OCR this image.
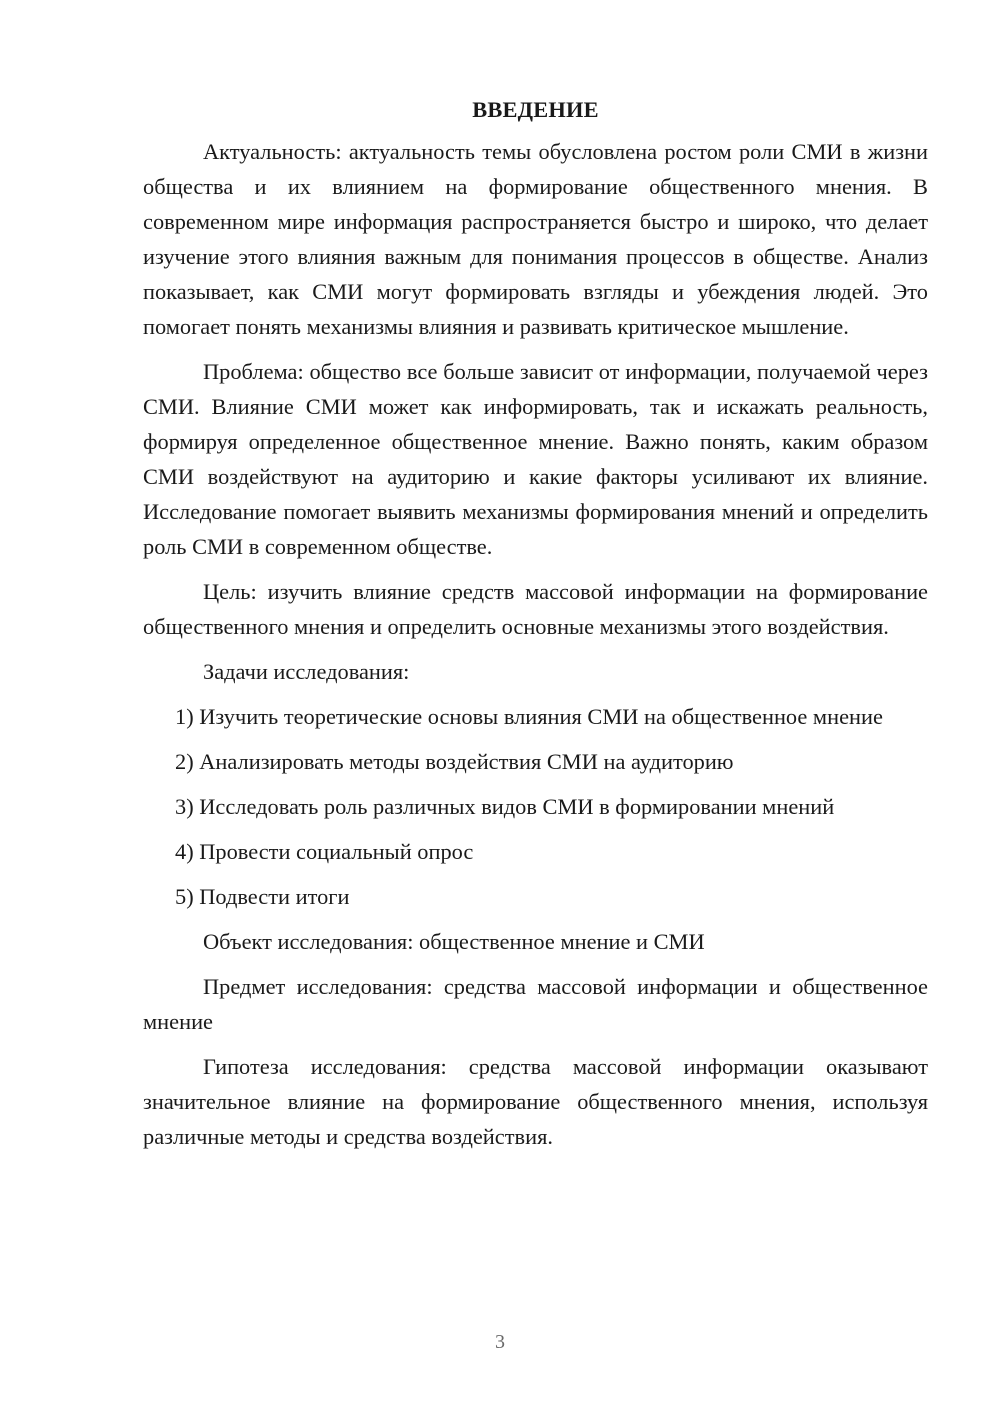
ВВЕДЕНИЕ

Актуальность: актуальность темы обусловлена ростом роли СМИ в жизни общества и их влиянием на формирование общественного мнения. В современном мире информация распространяется быстро и широко, что делает изучение этого влияния важным для понимания процессов в обществе. Анализ показывает, как СМИ могут формировать взгляды и убеждения людей. Это помогает понять механизмы влияния и развивать критическое мышление.

Проблема: общество все больше зависит от информации, получаемой через СМИ. Влияние СМИ может как информировать, так и искажать реальность, формируя определенное общественное мнение. Важно понять, каким образом СМИ воздействуют на аудиторию и какие факторы усиливают их влияние. Исследование помогает выявить механизмы формирования мнений и определить роль СМИ в современном обществе.

Цель: изучить влияние средств массовой информации на формирование общественного мнения и определить основные механизмы этого воздействия.

Задачи исследования:

1) Изучить теоретические основы влияния СМИ на общественное мнение

2) Анализировать методы воздействия СМИ на аудиторию

3) Исследовать роль различных видов СМИ в формировании мнений

4) Провести социальный опрос

5) Подвести итоги

Объект исследования: общественное мнение и СМИ

Предмет исследования: средства массовой информации и общественное мнение

Гипотеза исследования: средства массовой информации оказывают значительное влияние на формирование общественного мнения, используя различные методы и средства воздействия.

3
